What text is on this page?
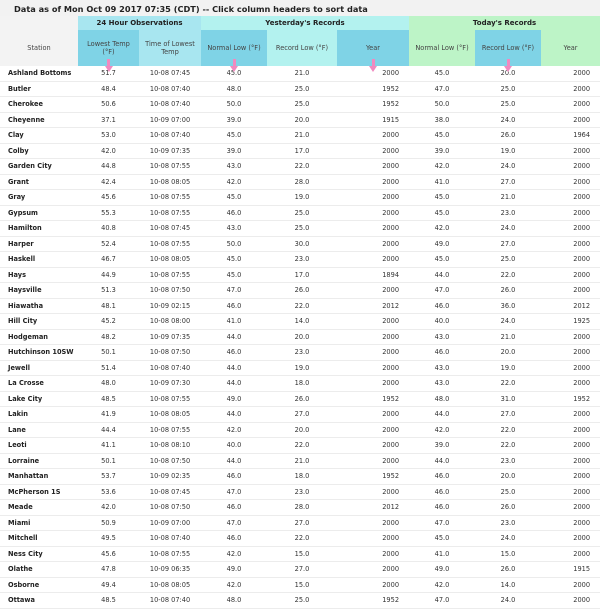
Data as of Mon Oct 09 2017 07:35 (CDT) -- Click column headers to sort data
	24 Hour Observations		Yesterday's Records			Today's Records		
Station	Lowest Temp (°F)	Time of Lowest Temp	Normal Low (°F)	Record Low (°F)	Year	Normal Low (°F)	Record Low (°F)	Year
Ashland Bottoms	51.7	10-08 07:45	45.0	21.0	2000	45.0	20.0	2000
Butler	48.4	10-08 07:40	48.0	25.0	1952	47.0	25.0	2000
Cherokee	50.6	10-08 07:40	50.0	25.0	1952	50.0	25.0	2000
Cheyenne	37.1	10-09 07:00	39.0	20.0	1915	38.0	24.0	2000
Clay	53.0	10-08 07:40	45.0	21.0	2000	45.0	26.0	1964
Colby	42.0	10-09 07:35	39.0	17.0	2000	39.0	19.0	2000
Garden City	44.8	10-08 07:55	43.0	22.0	2000	42.0	24.0	2000
Grant	42.4	10-08 08:05	42.0	28.0	2000	41.0	27.0	2000
Gray	45.6	10-08 07:55	45.0	19.0	2000	45.0	21.0	2000
Gypsum	55.3	10-08 07:55	46.0	25.0	2000	45.0	23.0	2000
Hamilton	40.8	10-08 07:45	43.0	25.0	2000	42.0	24.0	2000
Harper	52.4	10-08 07:55	50.0	30.0	2000	49.0	27.0	2000
Haskell	46.7	10-08 08:05	45.0	23.0	2000	45.0	25.0	2000
Hays	44.9	10-08 07:55	45.0	17.0	1894	44.0	22.0	2000
Haysville	51.3	10-08 07:50	47.0	26.0	2000	47.0	26.0	2000
Hiawatha	48.1	10-09 02:15	46.0	22.0	2012	46.0	36.0	2012
Hill City	45.2	10-08 08:00	41.0	14.0	2000	40.0	24.0	1925
Hodgeman	48.2	10-09 07:35	44.0	20.0	2000	43.0	21.0	2000
Hutchinson 10SW	50.1	10-08 07:50	46.0	23.0	2000	46.0	20.0	2000
Jewell	51.4	10-08 07:40	44.0	19.0	2000	43.0	19.0	2000
La Crosse	48.0	10-09 07:30	44.0	18.0	2000	43.0	22.0	2000
Lake City	48.5	10-08 07:55	49.0	26.0	1952	48.0	31.0	1952
Lakin	41.9	10-08 08:05	44.0	27.0	2000	44.0	27.0	2000
Lane	44.4	10-08 07:55	42.0	20.0	2000	42.0	22.0	2000
Leoti	41.1	10-08 08:10	40.0	22.0	2000	39.0	22.0	2000
Lorraine	50.1	10-08 07:50	44.0	21.0	2000	44.0	23.0	2000
Manhattan	53.7	10-09 02:35	46.0	18.0	1952	46.0	20.0	2000
McPherson 1S	53.6	10-08 07:45	47.0	23.0	2000	46.0	25.0	2000
Meade	42.0	10-08 07:50	46.0	28.0	2012	46.0	26.0	2000
Miami	50.9	10-09 07:00	47.0	27.0	2000	47.0	23.0	2000
Mitchell	49.5	10-08 07:40	46.0	22.0	2000	45.0	24.0	2000
Ness City	45.6	10-08 07:55	42.0	15.0	2000	41.0	15.0	2000
Olathe	47.8	10-09 06:35	49.0	27.0	2000	49.0	26.0	1915
Osborne	49.4	10-08 08:05	42.0	15.0	2000	42.0	14.0	2000
Ottawa	48.5	10-08 07:40	48.0	25.0	1952	47.0	24.0	2000
